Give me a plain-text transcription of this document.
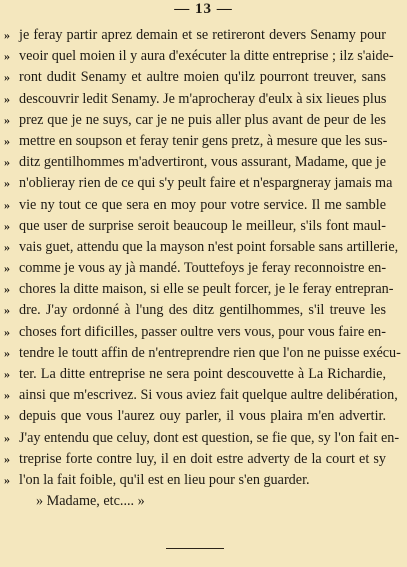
— 13 —
» je feray partir aprez demain et se retireront devers Senamy pour
» veoir quel moien il y aura d'exécuter la ditte entreprise ; ilz s'aide-
» ront dudit Senamy et aultre moien qu'ilz pourront treuver, sans
» descouvrir ledit Senamy. Je m'aprocheray d'eulx à six lieues plus
» prez que je ne suys, car je ne puis aller plus avant de peur de les
» mettre en soupson et feray tenir gens pretz, à mesure que les sus-
» ditz gentilhommes m'advertiront, vous assurant, Madame, que je
» n'oblieray rien de ce qui s'y peult faire et n'espargneray jamais ma
» vie ny tout ce que sera en moy pour votre service. Il me samble
» que user de surprise seroit beaucoup le meilleur, s'ils font maul-
» vais guet, attendu que la mayson n'est point forsable sans artillerie,
» comme je vous ay jà mandé. Touttefoys je feray reconnoistre en-
» chores la ditte maison, si elle se peult forcer, je le feray entrepran-
» dre. J'ay ordonné à l'ung des ditz gentilhommes, s'il treuve les
» choses fort dificilles, passer oultre vers vous, pour vous faire en-
» tendre le toutt affin de n'entreprendre rien que l'on ne puisse exécu-
» ter. La ditte entreprise ne sera point descouvette à La Richardie,
» ainsi que m'escrivez. Si vous aviez fait quelque aultre delibération,
» depuis que vous l'aurez ouy parler, il vous plaira m'en advertir.
» J'ay entendu que celuy, dont est question, se fie que, sy l'on fait en-
» treprise forte contre luy, il en doit estre adverty de la court et sy
» l'on la fait foible, qu'il est en lieu pour s'en guarder.
» Madame, etc.... »
